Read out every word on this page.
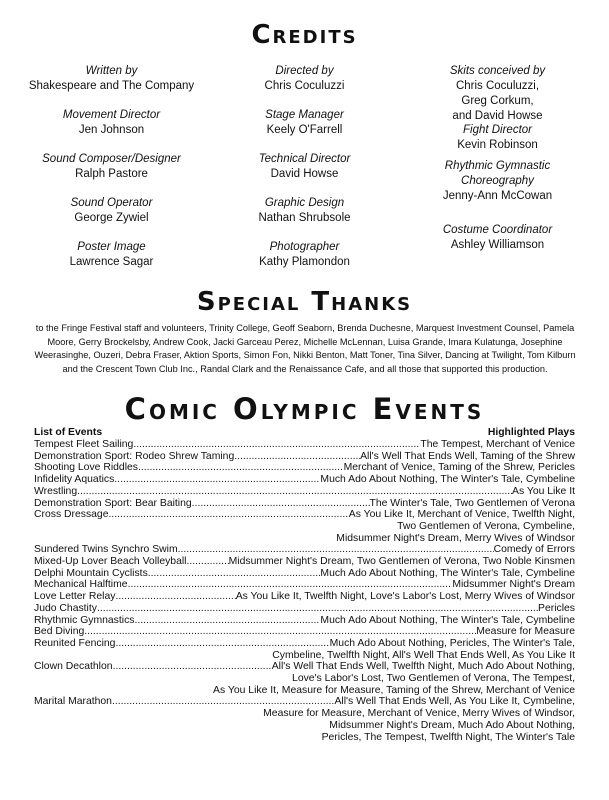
Credits
Written by
Shakespeare and The Company
Movement Director
Jen Johnson
Sound Composer/Designer
Ralph Pastore
Sound Operator
George Zywiel
Poster Image
Lawrence Sagar
Directed by
Chris Coculuzzi
Stage Manager
Keely O'Farrell
Technical Director
David Howse
Graphic Design
Nathan Shrubsole
Photographer
Kathy Plamondon
Skits conceived by
Chris Coculuzzi,
Greg Corkum,
and David Howse
Fight Director
Kevin Robinson
Rhythmic Gymnastic
Choreography
Jenny-Ann McCowan
Costume Coordinator
Ashley Williamson
Special Thanks
to the Fringe Festival staff and volunteers, Trinity College, Geoff Seaborn, Brenda Duchesne, Marquest Investment Counsel, Pamela Moore, Gerry Brockelsby, Andrew Cook, Jacki Garceau Perez, Michelle McLennan, Luisa Grande, Imara Kulatunga, Josephine Weerasinghe, Ouzeri, Debra Fraser, Aktion Sports, Simon Fon, Nikki Benton, Matt Toner, Tina Silver, Dancing at Twilight, Tom Kilburn and the Crescent Town Club Inc., Randal Clark and the Renaissance Cafe, and all those that supported this production.
Comic Olympic Events
List of Events	Highlighted Plays
Tempest Fleet Sailing .....	The Tempest, Merchant of Venice
Demonstration Sport: Rodeo Shrew Taming .....	All's Well That Ends Well, Taming of the Shrew
Shooting Love Riddles .....	Merchant of Venice, Taming of the Shrew, Pericles
Infidelity Aquatics .....	Much Ado About Nothing, The Winter's Tale, Cymbeline
Wrestling .....	As You Like It
Demonstration Sport: Bear Baiting .....	The Winter's Tale, Two Gentlemen of Verona
Cross Dressage .....	As You Like It, Merchant of Venice, Twelfth Night,
Two Gentlemen of Verona, Cymbeline,
Midsummer Night's Dream, Merry Wives of Windsor
Sundered Twins Synchro Swim .....	Comedy of Errors
Mixed-Up Lover Beach Volleyball .....	Midsummer Night's Dream, Two Gentlemen of Verona, Two Noble Kinsmen
Delphi Mountain Cyclists .....	Much Ado About Nothing, The Winter's Tale, Cymbeline
Mechanical Halftime .....	Midsummer Night's Dream
Love Letter Relay .....	As You Like It, Twelfth Night, Love's Labor's Lost, Merry Wives of Windsor
Judo Chastity .....	Pericles
Rhythmic Gymnastics .....	Much Ado About Nothing, The Winter's Tale, Cymbeline
Bed Diving .....	Measure for Measure
Reunited Fencing .....	Much Ado About Nothing, Pericles, The Winter's Tale,
Cymbeline, Twelfth Night, All's Well That Ends Well, As You Like It
Clown Decathlon .....	All's Well That Ends Well, Twelfth Night, Much Ado About Nothing,
Love's Labor's Lost, Two Gentlemen of Verona, The Tempest,
As You Like It, Measure for Measure, Taming of the Shrew, Merchant of Venice
Marital Marathon .....	All's Well That Ends Well, As You Like It, Cymbeline,
Measure for Measure, Merchant of Venice, Merry Wives of Windsor,
Midsummer Night's Dream, Much Ado About Nothing,
Pericles, The Tempest, Twelfth Night, The Winter's Tale
